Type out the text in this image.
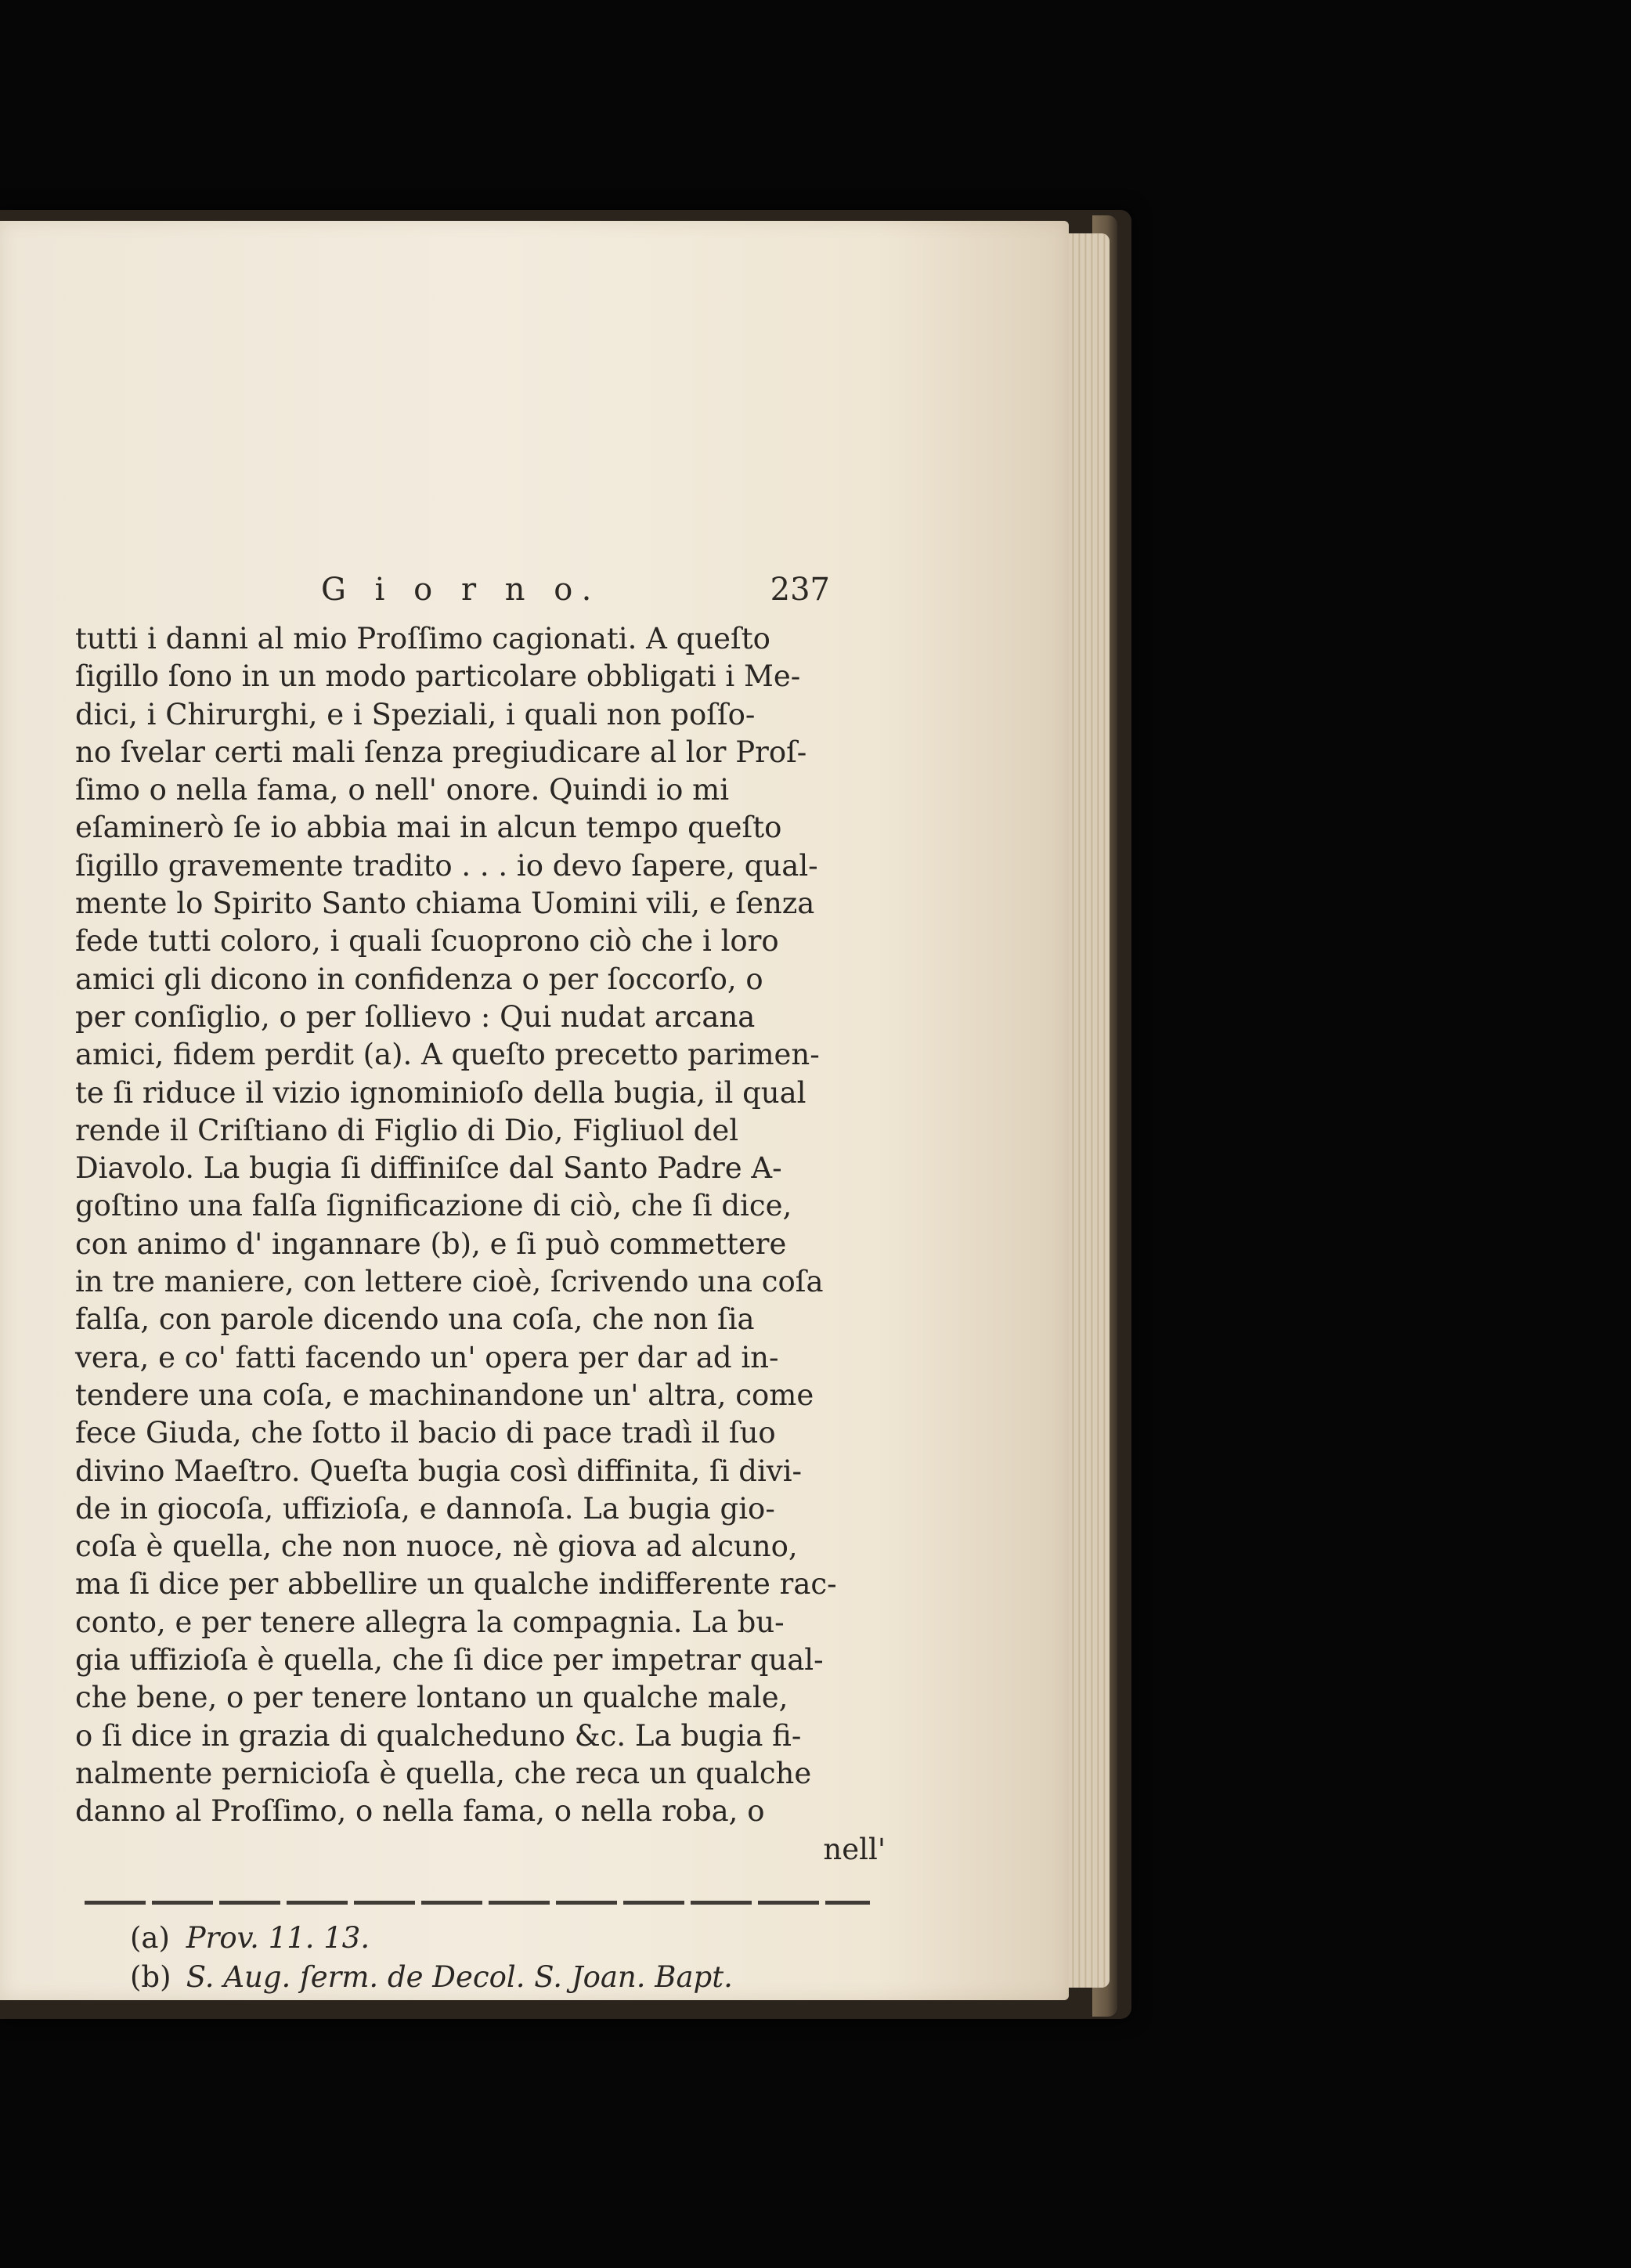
G i o r n o.	237
tutti i danni al mio Proſſimo cagionati. A queſto
ſigillo ſono in un modo particolare obbligati i Me-
dici, i Chirurghi, e i Speziali, i quali non poſſo-
no ſvelar certi mali ſenza pregiudicare al lor Proſ-
ſimo o nella fama, o nell' onore. Quindi io mi
eſaminerò ſe io abbia mai in alcun tempo queſto
ſigillo gravemente tradito . . . io devo ſapere, qual-
mente lo Spirito Santo chiama Uomini vili, e ſenza
fede tutti coloro, i quali ſcuoprono ciò che i loro
amici gli dicono in confidenza o per ſoccorſo, o
per conſiglio, o per ſollievo : Qui nudat arcana
amici, fidem perdit (a). A queſto precetto parimen-
te ſi riduce il vizio ignominioſo della bugia, il qual
rende il Criſtiano di Figlio di Dio, Figliuol del
Diavolo. La bugia ſi diffiniſce dal Santo Padre A-
goſtino una falſa ſignificazione di ciò, che ſi dice,
con animo d' ingannare (b), e ſi può commettere
in tre maniere, con lettere cioè, ſcrivendo una coſa
falſa, con parole dicendo una coſa, che non ſia
vera, e co' fatti facendo un' opera per dar ad in-
tendere una coſa, e machinandone un' altra, come
fece Giuda, che ſotto il bacio di pace tradì il ſuo
divino Maeſtro. Queſta bugia così diffinita, ſi divi-
de in giocoſa, uffizioſa, e dannoſa. La bugia gio-
coſa è quella, che non nuoce, nè giova ad alcuno,
ma ſi dice per abbellire un qualche indifferente rac-
conto, e per tenere allegra la compagnia. La bu-
gia uffizioſa è quella, che ſi dice per impetrar qual-
che bene, o per tenere lontano un qualche male,
o ſi dice in grazia di qualcheduno &c. La bugia fi-
nalmente pernicioſa è quella, che reca un qualche
danno al Proſſimo, o nella fama, o nella roba, o
nell'
(a) Prov. 11. 13.
(b) S. Aug. ſerm. de Decol. S. Joan. Bapt.
